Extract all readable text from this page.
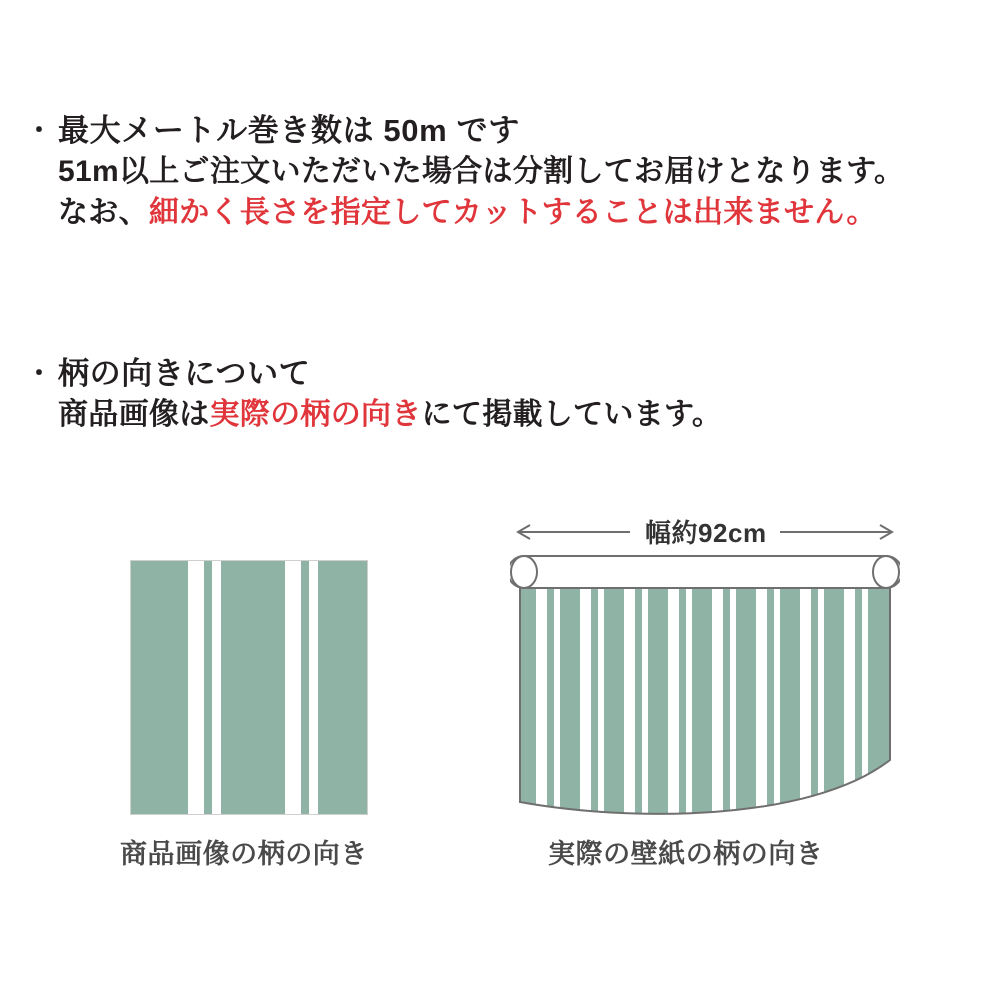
・ 最大メートル巻き数は 50m です
51m以上ご注文いただいた場合は分割してお届けとなります。
なお、細かく長さを指定してカットすることは出来ません。
・ 柄の向きについて
商品画像は実際の柄の向きにて掲載しています。
幅約92cm
商品画像の柄の向き	実際の壁紙の柄の向き
